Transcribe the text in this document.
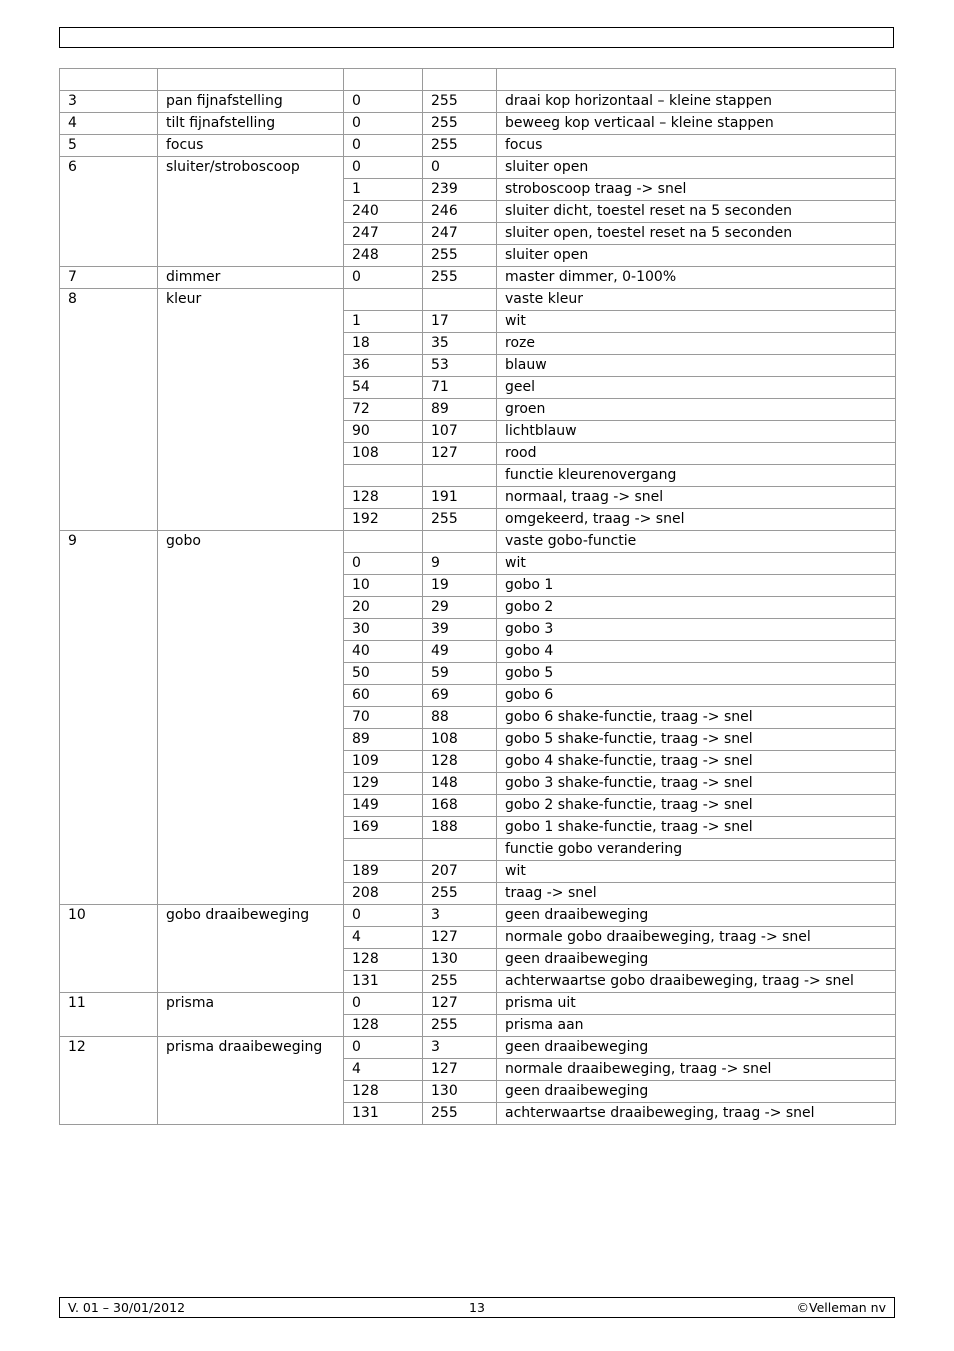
3	pan fijnafstelling	0	255	draai kop horizontaal – kleine stappen
4	tilt fijnafstelling	0	255	beweeg kop verticaal – kleine stappen
5	focus	0	255	focus
6	sluiter/stroboscoop	0	0	sluiter open
		1	239	stroboscoop traag -> snel
		240	246	sluiter dicht, toestel reset na 5 seconden
		247	247	sluiter open, toestel reset na 5 seconden
		248	255	sluiter open
7	dimmer	0	255	master dimmer, 0-100%
8	kleur			vaste kleur
		1	17	wit
		18	35	roze
		36	53	blauw
		54	71	geel
		72	89	groen
		90	107	lichtblauw
		108	127	rood
				functie kleurenovergang
		128	191	normaal, traag -> snel
		192	255	omgekeerd, traag -> snel
9	gobo			vaste gobo-functie
		0	9	wit
		10	19	gobo 1
		20	29	gobo 2
		30	39	gobo 3
		40	49	gobo 4
		50	59	gobo 5
		60	69	gobo 6
		70	88	gobo 6 shake-functie, traag -> snel
		89	108	gobo 5 shake-functie, traag -> snel
		109	128	gobo 4 shake-functie, traag -> snel
		129	148	gobo 3 shake-functie, traag -> snel
		149	168	gobo 2 shake-functie, traag -> snel
		169	188	gobo 1 shake-functie, traag -> snel
				functie gobo verandering
		189	207	wit
		208	255	traag -> snel
10	gobo draaibeweging	0	3	geen draaibeweging
		4	127	normale gobo draaibeweging, traag -> snel
		128	130	geen draaibeweging
		131	255	achterwaartse gobo draaibeweging, traag -> snel
11	prisma	0	127	prisma uit
		128	255	prisma aan
12	prisma draaibeweging	0	3	geen draaibeweging
		4	127	normale draaibeweging, traag -> snel
		128	130	geen draaibeweging
		131	255	achterwaartse draaibeweging, traag -> snel
V. 01 – 30/01/2012	13	©Velleman nv
